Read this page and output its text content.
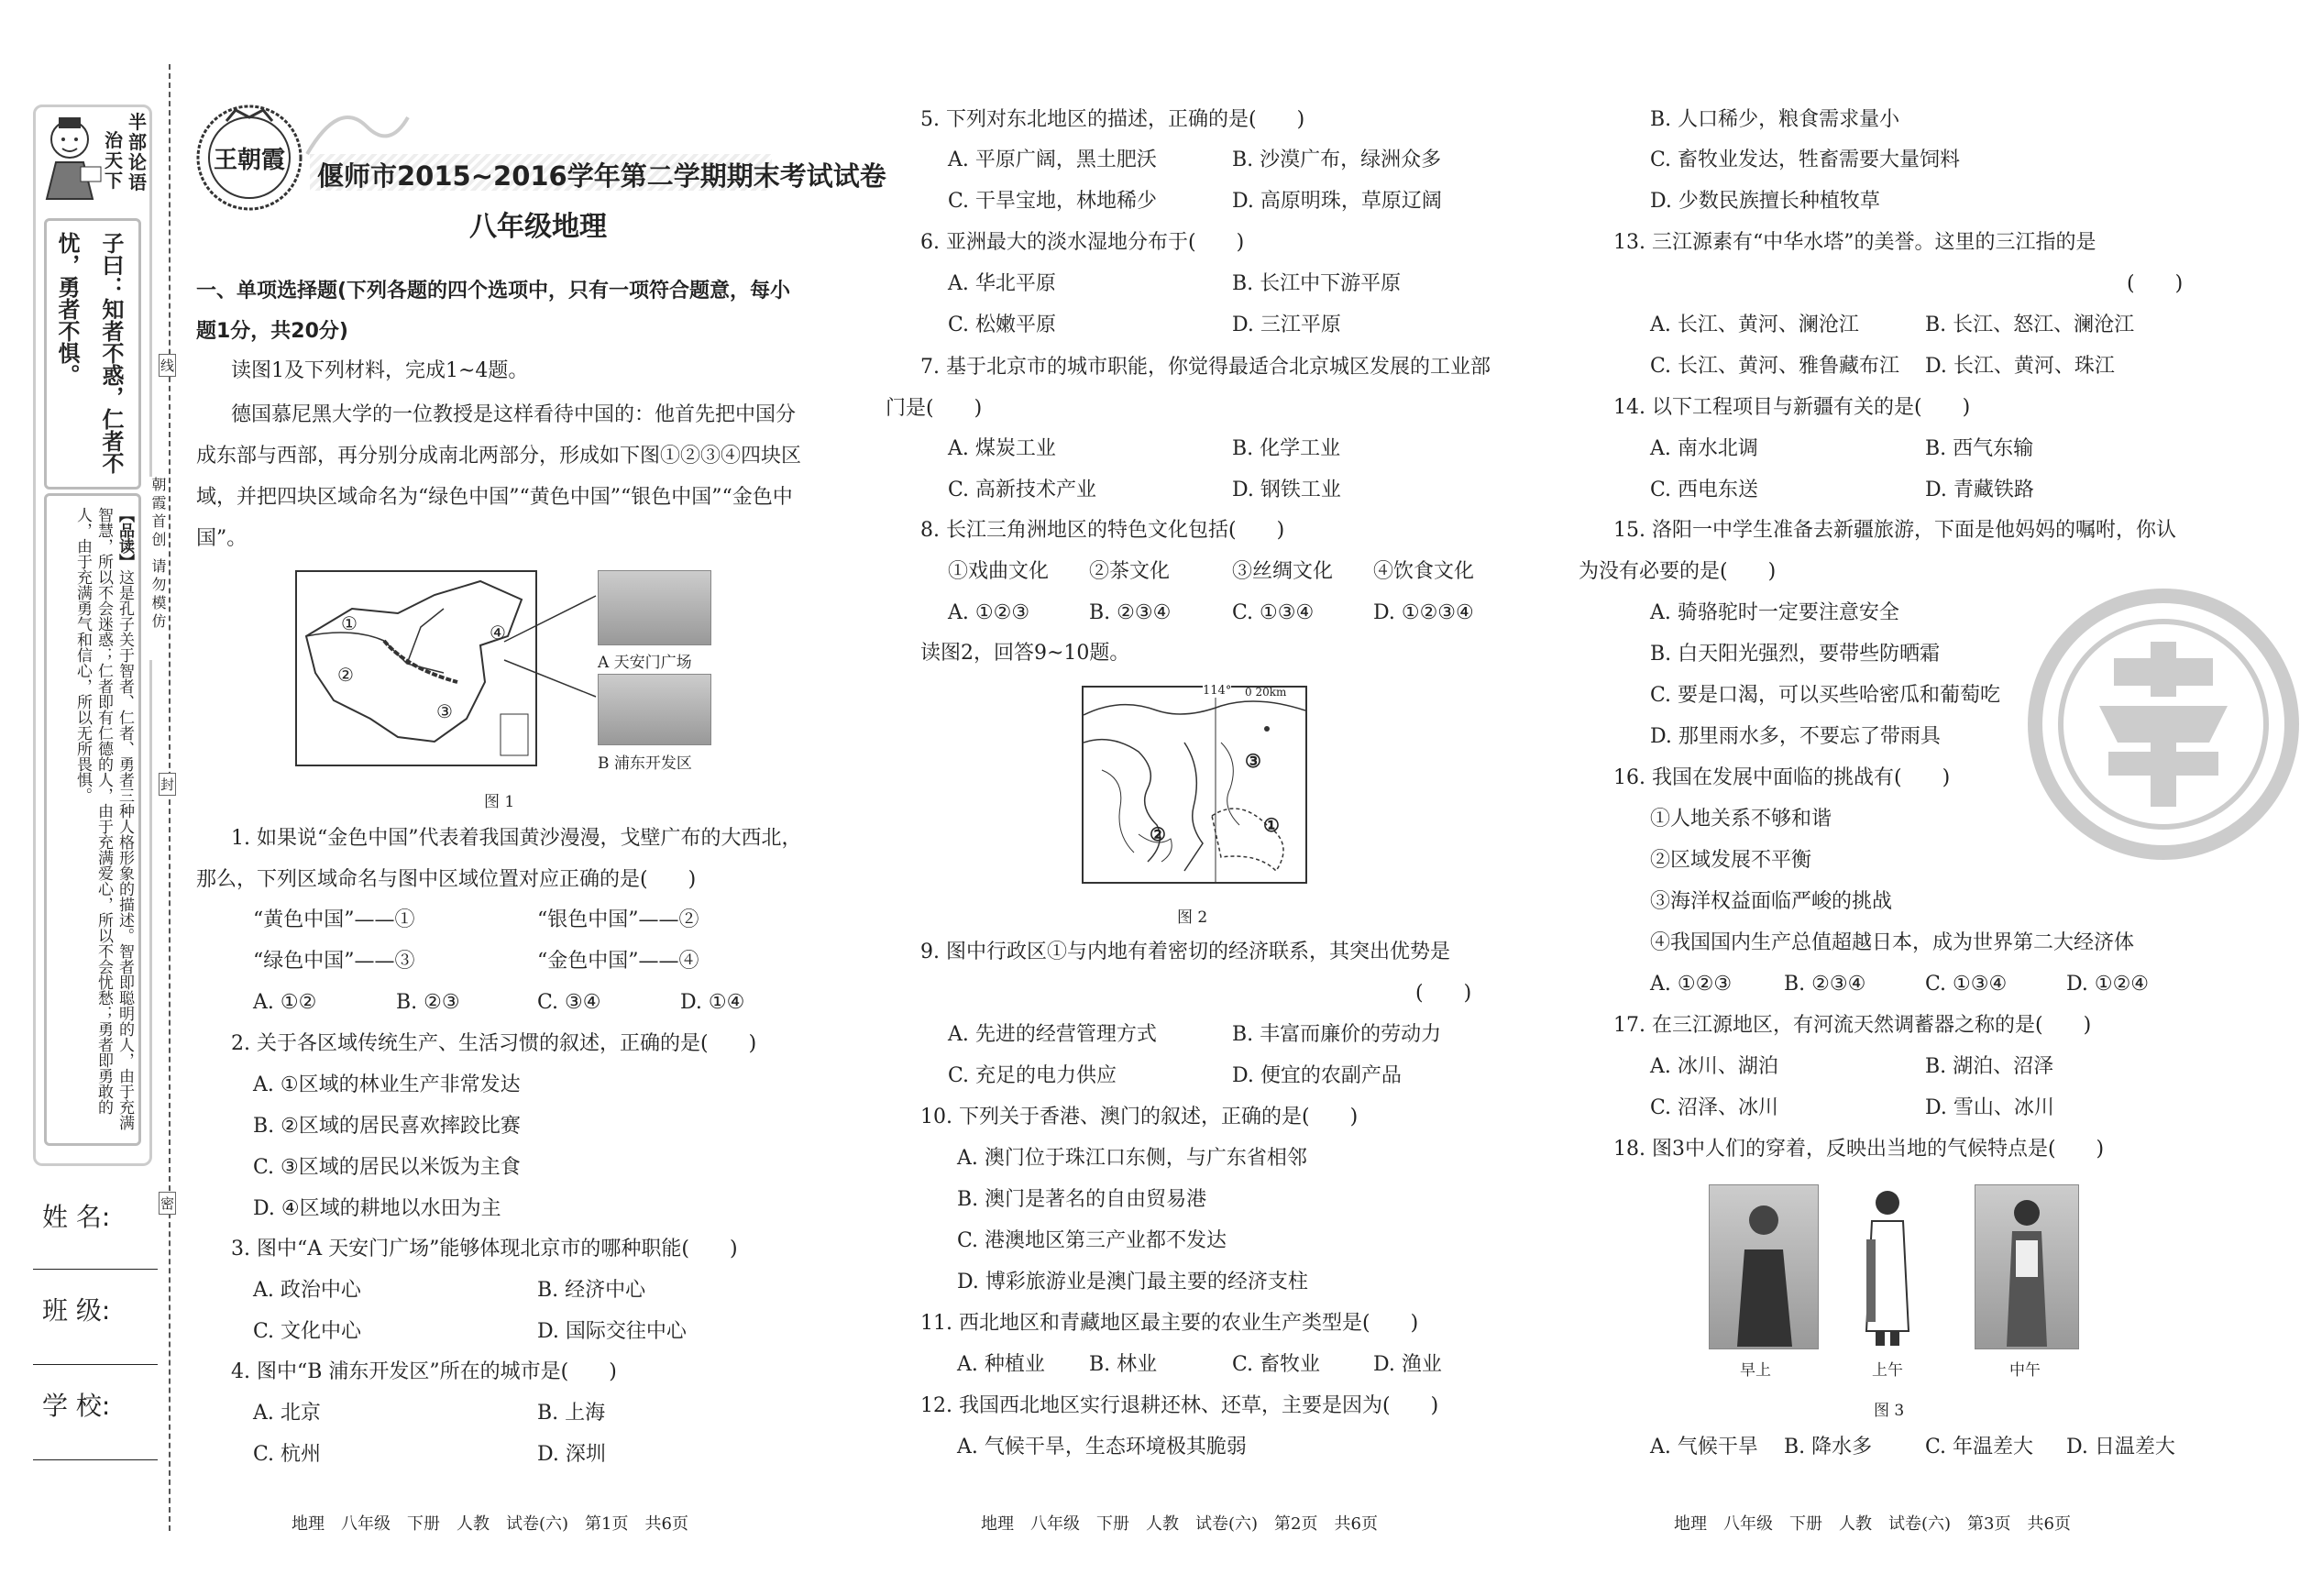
半
部
论
语
治
天
下
子曰：知者不惑，仁者不忧，勇者不惧。
【品读】这是孔子关于智者、仁者、勇者三种人格形象的描述。智者即聪明的人，由于充满智慧，所以不会迷惑；仁者即有仁德的人，由于充满爱心，所以不会忧愁；勇者即勇敢的人，由于充满勇气和信心，所以无所畏惧。
姓 名:
班 级:
学 校:
线
封
密
朝霞首创 请勿模仿
王朝霞 偃师市2015~2016学年第二学期期末考试试卷
八年级地理
一、单项选择题(下列各题的四个选项中，只有一项符合题意，每小题1分，共20分)
读图1及下列材料，完成1~4题。
德国慕尼黑大学的一位教授是这样看待中国的：他首先把中国分成东部与西部，再分别分成南北两部分，形成如下图①②③④四块区域，并把四块区域命名为“绿色中国”“黄色中国”“银色中国”“金色中国”。
①
②
③
④
A 天安门广场
B 浦东开发区
图 1
1. 如果说“金色中国”代表着我国黄沙漫漫，戈壁广布的大西北，那么，下列区域命名与图中区域位置对应正确的是(　　)
“黄色中国”——①	“银色中国”——②
“绿色中国”——③	“金色中国”——④
A. ①②	B. ②③	C. ③④	D. ①④
2. 关于各区域传统生产、生活习惯的叙述，正确的是(　　)
A. ①区域的林业生产非常发达
B. ②区域的居民喜欢摔跤比赛
C. ③区域的居民以米饭为主食
D. ④区域的耕地以水田为主
3. 图中“A 天安门广场”能够体现北京市的哪种职能(　　)
A. 政治中心	B. 经济中心
C. 文化中心	D. 国际交往中心
4. 图中“B 浦东开发区”所在的城市是(　　)
A. 北京	B. 上海
C. 杭州	D. 深圳
地理　八年级　下册　人教　试卷(六)　第1页　共6页
5. 下列对东北地区的描述，正确的是(　　)
A. 平原广阔，黑土肥沃	B. 沙漠广布，绿洲众多
C. 干旱宝地，林地稀少	D. 高原明珠，草原辽阔
6. 亚洲最大的淡水湿地分布于(　　)
A. 华北平原	B. 长江中下游平原
C. 松嫩平原	D. 三江平原
7. 基于北京市的城市职能，你觉得最适合北京城区发展的工业部门是(　　)
A. 煤炭工业	B. 化学工业
C. 高新技术产业	D. 钢铁工业
8. 长江三角洲地区的特色文化包括(　　)
①戏曲文化 ②茶文化	③丝绸文化 ④饮食文化
A. ①②③	B. ②③④	C. ①③④	D. ①②③④
读图2，回答9~10题。
114° 0 20km
①
②
③
图 2
9. 图中行政区①与内地有着密切的经济联系，其突出优势是
(　　)
A. 先进的经营管理方式	B. 丰富而廉价的劳动力
C. 充足的电力供应	D. 便宜的农副产品
10. 下列关于香港、澳门的叙述，正确的是(　　)
A. 澳门位于珠江口东侧，与广东省相邻
B. 澳门是著名的自由贸易港
C. 港澳地区第三产业都不发达
D. 博彩旅游业是澳门最主要的经济支柱
11. 西北地区和青藏地区最主要的农业生产类型是(　　)
A. 种植业 B. 林业	C. 畜牧业	D. 渔业
12. 我国西北地区实行退耕还林、还草，主要是因为(　　)
A. 气候干旱，生态环境极其脆弱
地理　八年级　下册　人教　试卷(六)　第2页　共6页
B. 人口稀少，粮食需求量小
C. 畜牧业发达，牲畜需要大量饲料
D. 少数民族擅长种植牧草
13. 三江源素有“中华水塔”的美誉。这里的三江指的是
(　　)
A. 长江、黄河、澜沧江	B. 长江、怒江、澜沧江
C. 长江、黄河、雅鲁藏布江 D. 长江、黄河、珠江
14. 以下工程项目与新疆有关的是(　　)
A. 南水北调	B. 西气东输
C. 西电东送	D. 青藏铁路
15. 洛阳一中学生准备去新疆旅游，下面是他妈妈的嘱咐，你认为没有必要的是(　　)
A. 骑骆驼时一定要注意安全
B. 白天阳光强烈，要带些防晒霜
C. 要是口渴，可以买些哈密瓜和葡萄吃
D. 那里雨水多，不要忘了带雨具
16. 我国在发展中面临的挑战有(　　)
①人地关系不够和谐
②区域发展不平衡
③海洋权益面临严峻的挑战
④我国国内生产总值超越日本，成为世界第二大经济体
A. ①②③	B. ②③④	C. ①③④	D. ①②④
17. 在三江源地区，有河流天然调蓄器之称的是(　　)
A. 冰川、湖泊	B. 湖泊、沼泽
C. 沼泽、冰川	D. 雪山、冰川
18. 图3中人们的穿着，反映出当地的气候特点是(　　)
早上	上午	中午
图 3
A. 气候干旱 B. 降水多	C. 年温差大 D. 日温差大
地理　八年级　下册　人教　试卷(六)　第3页　共6页
